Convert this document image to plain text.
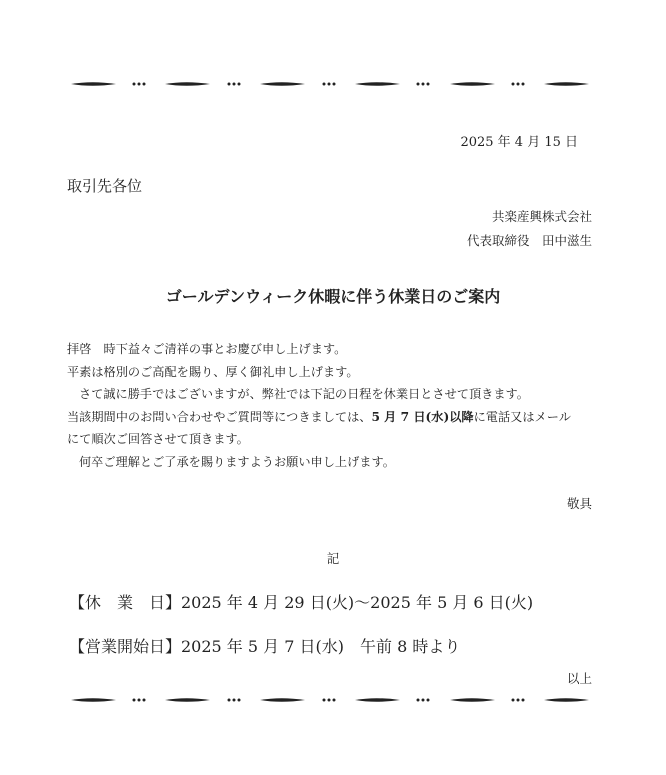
2025 年 4 月 15 日
取引先各位
共楽産興株式会社
代表取締役　田中滋生
ゴールデンウィーク休暇に伴う休業日のご案内

拝啓　時下益々ご清祥の事とお慶び申し上げます。

平素は格別のご高配を賜り、厚く御礼申し上げます。

さて誠に勝手ではございますが、弊社では下記の日程を休業日とさせて頂きます。

当該期間中のお問い合わせやご質問等につきましては、5 月 7 日(水)以降に電話又はメール

にて順次ご回答させて頂きます。

何卒ご理解とご了承を賜りますようお願い申し上げます。

敬具
記
【休　業　日】2025 年 4 月 29 日(火)～2025 年 5 月 6 日(火)
【営業開始日】2025 年 5 月 7 日(水)　午前 8 時より
以上
